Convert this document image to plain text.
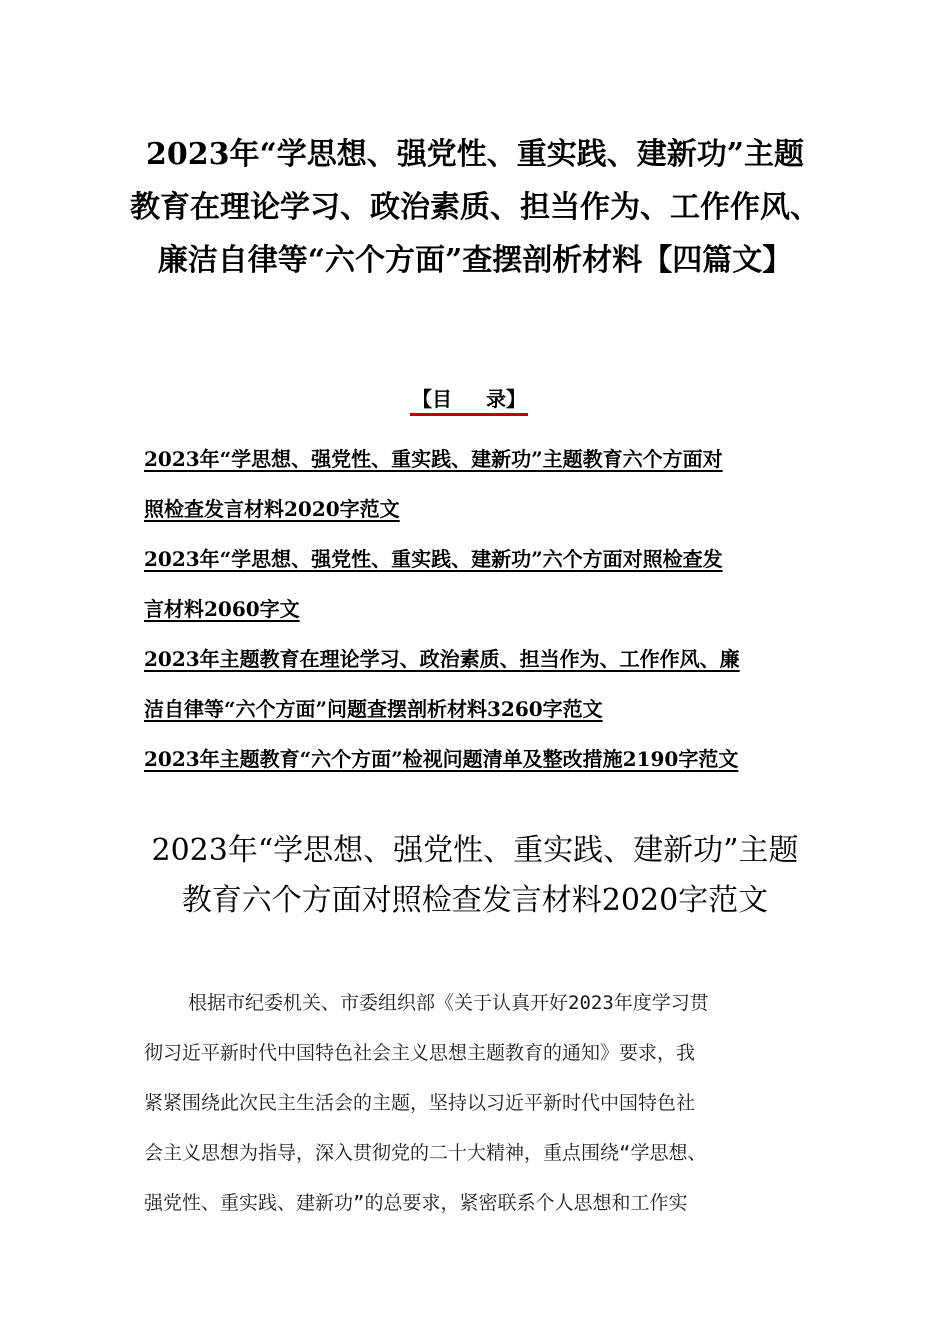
2023年“学思想、强党性、重实践、建新功”主题
教育在理论学习、政治素质、担当作为、工作作风、
廉洁自律等“六个方面”查摆剖析材料【四篇文】
【目 录】
2023年“学思想、强党性、重实践、建新功”主题教育六个方面对
照检查发言材料2020字范文
2023年“学思想、强党性、重实践、建新功”六个方面对照检查发
言材料2060字文
2023年主题教育在理论学习、政治素质、担当作为、工作作风、廉
洁自律等“六个方面”问题查摆剖析材料3260字范文
2023年主题教育“六个方面”检视问题清单及整改措施2190字范文
2023年“学思想、强党性、重实践、建新功”主题
教育六个方面对照检查发言材料2020字范文
根据市纪委机关、市委组织部《关于认真开好2023年度学习贯
彻习近平新时代中国特色社会主义思想主题教育的通知》要求，我
紧紧围绕此次民主生活会的主题，坚持以习近平新时代中国特色社
会主义思想为指导，深入贯彻党的二十大精神，重点围绕“学思想、
强党性、重实践、建新功”的总要求，紧密联系个人思想和工作实
